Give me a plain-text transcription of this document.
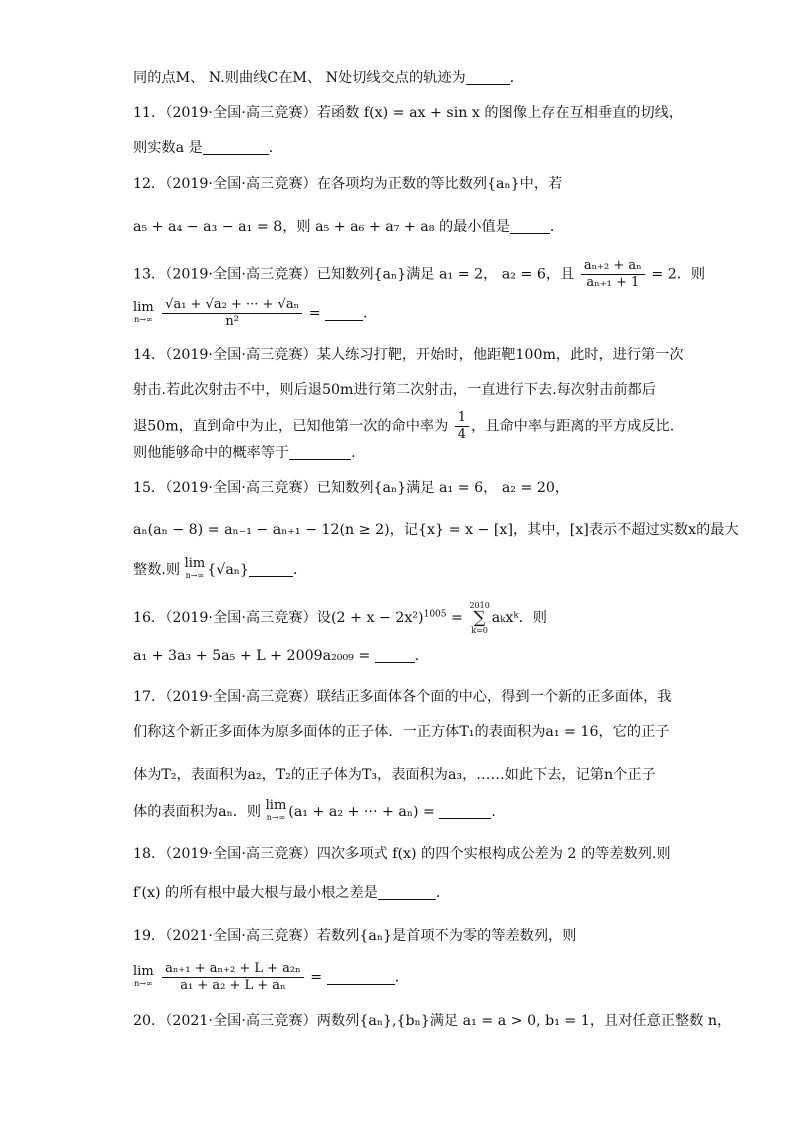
同的点M、 N.则曲线C在M、 N处切线交点的轨迹为	．
11．（2019·全国·高三竞赛）若函数 f(x) = ax + sin x 的图像上存在互相垂直的切线，
则实数a 是	．
12．（2019·全国·高三竞赛）在各项均为正数的等比数列{aₙ}中，若
a₅ + a₄ − a₃ − a₁ = 8，则 a₅ + a₆ + a₇ + a₈ 的最小值是	．
13．（2019·全国·高三竞赛）已知数列{aₙ}满足 a₁ = 2， a₂ = 6，且 $\frac{\text{aₙ₊₂ + aₙ}}{\text{aₙ₊₁ + 1}} = 2$．则
lim
n→∞
$\frac{\text{√a₁ + √a₂ + ··· + √aₙ}}{\text{n²}}$ =	．
14．（2019·全国·高三竞赛）某人练习打靶，开始时，他距靶100m，此时，进行第一次
射击.若此次射击不中，则后退50m进行第二次射击，一直进行下去.每次射击前都后
退50m，直到命中为止，已知他第一次的命中率为 $\frac{1}{4}$ ，且命中率与距离的平方成反比.
则他能够命中的概率等于	．
15．（2019·全国·高三竞赛）已知数列{aₙ}满足 a₁ = 6， a₂ = 20，
aₙ(aₙ − 8) = aₙ₋₁ − aₙ₊₁ − 12(n ≥ 2)，记{x} = x − [x]，其中，[x]表示不超过实数x的最大
整数.则 lim
n→∞ {√aₙ}	．
16．（2019·全国·高三竞赛）设$(2 + x - 2x^2)^{1005}$ =
2010
∑
k=0
aₖxᵏ．则
a₁ + 3a₃ + 5a₅ + L + 2009a₂₀₀₉ =	．
17．（2019·全国·高三竞赛）联结正多面体各个面的中心，得到一个新的正多面体，我
们称这个新正多面体为原多面体的正子体．一正方体T₁的表面积为a₁ = 16，它的正子
体为T₂，表面积为a₂，T₂的正子体为T₃，表面积为a₃，……如此下去，记第n个正子
体的表面积为aₙ．则 lim
n→∞ (a₁ + a₂ + ··· + aₙ) =	．
18．（2019·全国·高三竞赛）四次多项式 f(x) 的四个实根构成公差为 2 的等差数列.则
f′(x) 的所有根中最大根与最小根之差是	．
19．（2021·全国·高三竞赛）若数列{aₙ}是首项不为零的等差数列，则
lim
n→∞
$\frac{\text{aₙ₊₁ + aₙ₊₂ + L + a₂ₙ}}{\text{a₁ + a₂ + L + aₙ}}$ =	．
20．（2021·全国·高三竞赛）两数列{aₙ},{bₙ}满足 a₁ = a > 0, b₁ = 1，且对任意正整数 n，
